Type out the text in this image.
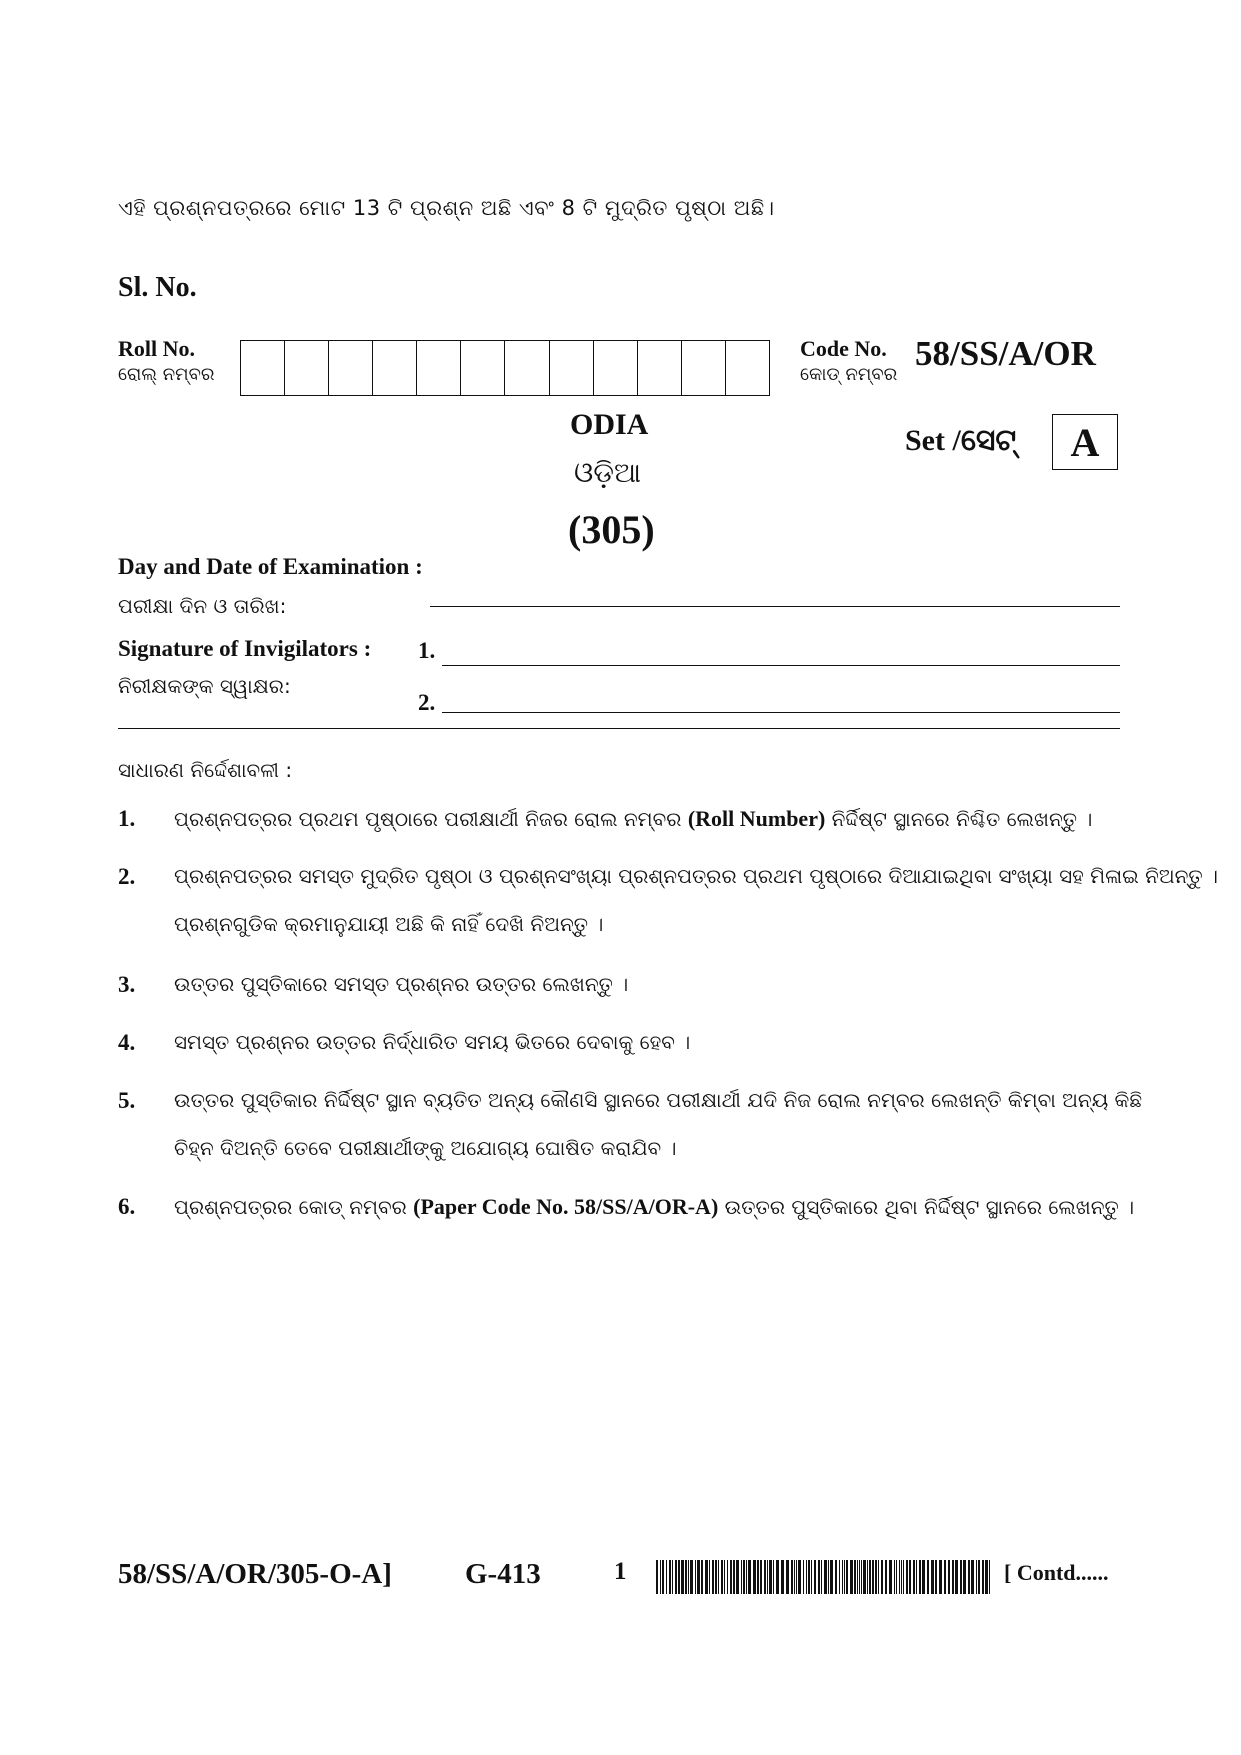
ଏହି ପ୍ରଶ୍ନପତ୍ରରେ ମୋଟ 13 ଟି ପ୍ରଶ୍ନ ଅଛି ଏବଂ 8 ଟି ମୁଦ୍ରିତ ପୃଷ୍ଠା ଅଛି।
Sl. No.
Roll No.
ରୋଲ୍ ନମ୍ବର
Code No.
କୋଡ୍ ନମ୍ବର
58/SS/A/OR
ODIA
ଓଡ଼ିଆ
(305)
Set /ସେଟ୍	A
Day and Date of Examination :
ପରୀକ୍ଷା ଦିନ ଓ ତାରିଖ:
Signature of Invigilators :
ନିରୀକ୍ଷକଙ୍କ ସ୍ୱାକ୍ଷର:
1.
2.
ସାଧାରଣ ନିର୍ଦ୍ଦେଶାବଳୀ :
1. ପ୍ରଶ୍ନପତ୍ରର ପ୍ରଥମ ପୃଷ୍ଠାରେ ପରୀକ୍ଷାର୍ଥୀ ନିଜର ରୋଲ ନମ୍ବର (Roll Number) ନିର୍ଦ୍ଦିଷ୍ଟ ସ୍ଥାନରେ ନିଶ୍ଚିତ ଲେଖନ୍ତୁ ।
2. ପ୍ରଶ୍ନପତ୍ରର ସମସ୍ତ ମୁଦ୍ରିତ ପୃଷ୍ଠା ଓ ପ୍ରଶ୍ନସଂଖ୍ୟା ପ୍ରଶ୍ନପତ୍ରର ପ୍ରଥମ ପୃଷ୍ଠାରେ ଦିଆଯାଇଥିବା ସଂଖ୍ୟା ସହ ମିଳାଇ ନିଅନ୍ତୁ ।
ପ୍ରଶ୍ନଗୁଡିକ କ୍ରମାନୁଯାୟୀ ଅଛି କି ନାହିଁ ଦେଖି ନିଅନ୍ତୁ ।
3. ଉତ୍ତର ପୁସ୍ତିକାରେ ସମସ୍ତ ପ୍ରଶ୍ନର ଉତ୍ତର ଲେଖନ୍ତୁ ।
4. ସମସ୍ତ ପ୍ରଶ୍ନର ଉତ୍ତର ନିର୍ଦ୍ଧାରିତ ସମୟ ଭିତରେ ଦେବାକୁ ହେବ ।
5. ଉତ୍ତର ପୁସ୍ତିକାର ନିର୍ଦ୍ଦିଷ୍ଟ ସ୍ଥାନ ବ୍ୟତିତ ଅନ୍ୟ କୌଣସି ସ୍ଥାନରେ ପରୀକ୍ଷାର୍ଥୀ ଯଦି ନିଜ ରୋଲ ନମ୍ବର ଲେଖନ୍ତି କିମ୍ବା ଅନ୍ୟ କିଛି
ଚିହ୍ନ ଦିଅନ୍ତି ତେବେ ପରୀକ୍ଷାର୍ଥୀଙ୍କୁ ଅଯୋଗ୍ୟ ଘୋଷିତ କରାଯିବ ।
6. ପ୍ରଶ୍ନପତ୍ରର କୋଡ୍ ନମ୍ବର (Paper Code No. 58/SS/A/OR-A) ଉତ୍ତର ପୁସ୍ତିକାରେ ଥିବା ନିର୍ଦ୍ଦିଷ୍ଟ ସ୍ଥାନରେ ଲେଖନ୍ତୁ ।
58/SS/A/OR/305-O-A]	G-413	1	[ Contd......
